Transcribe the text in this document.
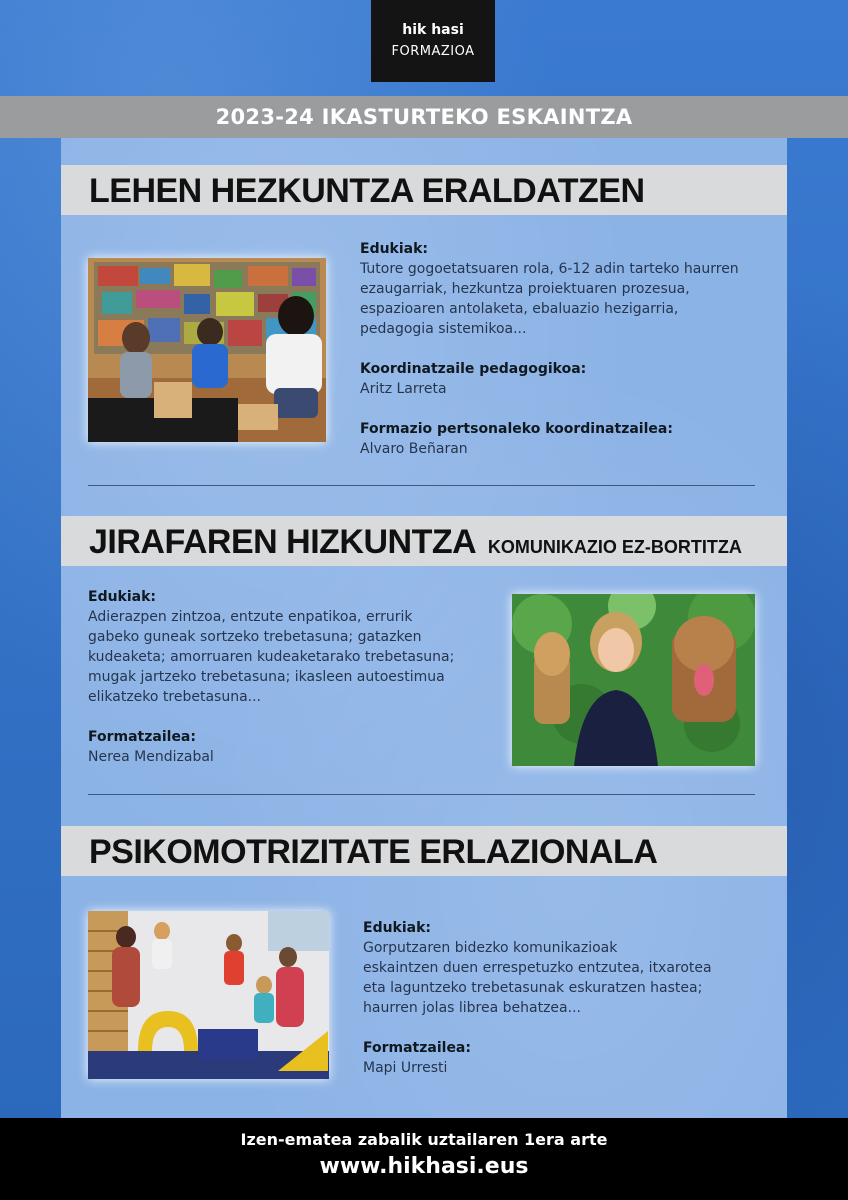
hik hasi
FORMAZIOA
2023-24 IKASTURTEKO ESKAINTZA
LEHEN HEZKUNTZA ERALDATZEN
Edukiak:
Tutore gogoetatsuaren rola, 6-12 adin tarteko haurren
ezaugarriak, hezkuntza proiektuaren prozesua,
espazioaren antolaketa, ebaluazio hezigarria,
pedagogia sistemikoa...
Koordinatzaile pedagogikoa:
Aritz Larreta
Formazio pertsonaleko koordinatzailea:
Alvaro Beñaran
JIRAFAREN HIZKUNTZA KOMUNIKAZIO EZ-BORTITZA
Edukiak:
Adierazpen zintzoa, entzute enpatikoa, errurik
gabeko guneak sortzeko trebetasuna; gatazken
kudeaketa; amorruaren kudeaketarako trebetasuna;
mugak jartzeko trebetasuna; ikasleen autoestimua
elikatzeko trebetasuna...
Formatzailea:
Nerea Mendizabal
PSIKOMOTRIZITATE ERLAZIONALA
Edukiak:
Gorputzaren bidezko komunikazioak
eskaintzen duen errespetuzko entzutea, itxarotea
eta laguntzeko trebetasunak eskuratzen hastea;
haurren jolas librea behatzea...
Formatzailea:
Mapi Urresti
Izen-ematea zabalik uztailaren 1era arte
www.hikhasi.eus
